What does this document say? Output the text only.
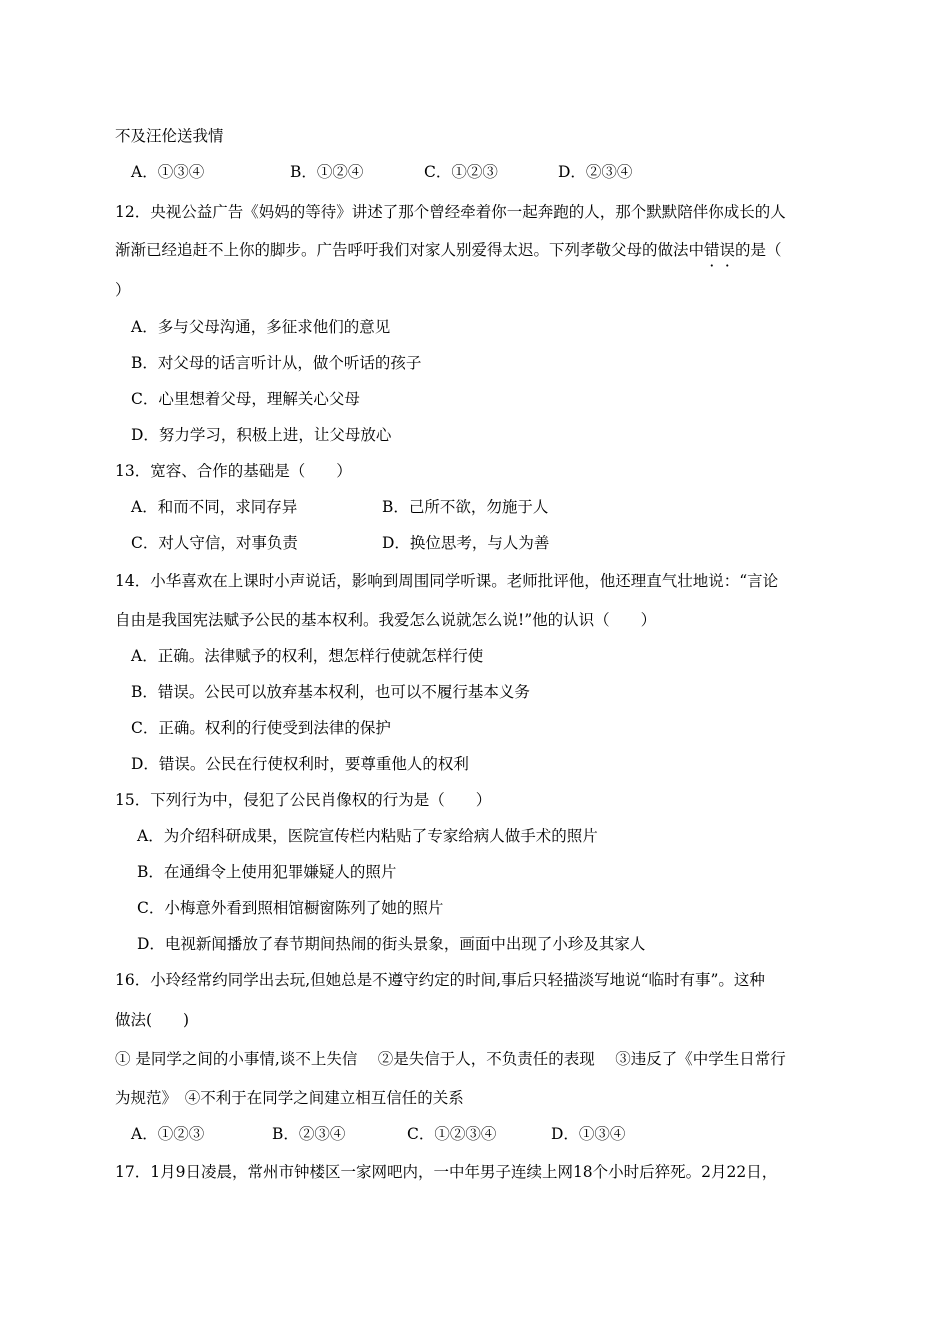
不及汪伦送我情
A．①③④	B．①②④	C．①②③	D．②③④
12．央视公益广告《妈妈的等待》讲述了那个曾经牵着你一起奔跑的人，那个默默陪伴你成长的人
渐渐已经追赶不上你的脚步。广告呼吁我们对家人别爱得太迟。下列孝敬父母的做法中错误的是（
）
A．多与父母沟通，多征求他们的意见
B．对父母的话言听计从，做个听话的孩子
C．心里想着父母，理解关心父母
D．努力学习，积极上进，让父母放心
13．宽容、合作的基础是（　　）
A．和而不同，求同存异	B．己所不欲，勿施于人
C．对人守信，对事负责	D．换位思考，与人为善
14．小华喜欢在上课时小声说话，影响到周围同学听课。老师批评他，他还理直气壮地说：“言论
自由是我国宪法赋予公民的基本权利。我爱怎么说就怎么说!”他的认识（　　）
A．正确。法律赋予的权利，想怎样行使就怎样行使
B．错误。公民可以放弃基本权利，也可以不履行基本义务
C．正确。权利的行使受到法律的保护
D．错误。公民在行使权利时，要尊重他人的权利
15．下列行为中，侵犯了公民肖像权的行为是（　　）
A．为介绍科研成果，医院宣传栏内粘贴了专家给病人做手术的照片
B．在通缉令上使用犯罪嫌疑人的照片
C．小梅意外看到照相馆橱窗陈列了她的照片
D．电视新闻播放了春节期间热闹的街头景象，画面中出现了小珍及其家人
16．小玲经常约同学出去玩,但她总是不遵守约定的时间,事后只轻描淡写地说“临时有事”。这种
做法(　　)
① 是同学之间的小事情,谈不上失信　 ②是失信于人，不负责任的表现　 ③违反了《中学生日常行
为规范》　④不利于在同学之间建立相互信任的关系
A．①②③	B．②③④	C．①②③④	D．①③④
17．1月9日凌晨，常州市钟楼区一家网吧内，一中年男子连续上网18个小时后猝死。2月22日，
